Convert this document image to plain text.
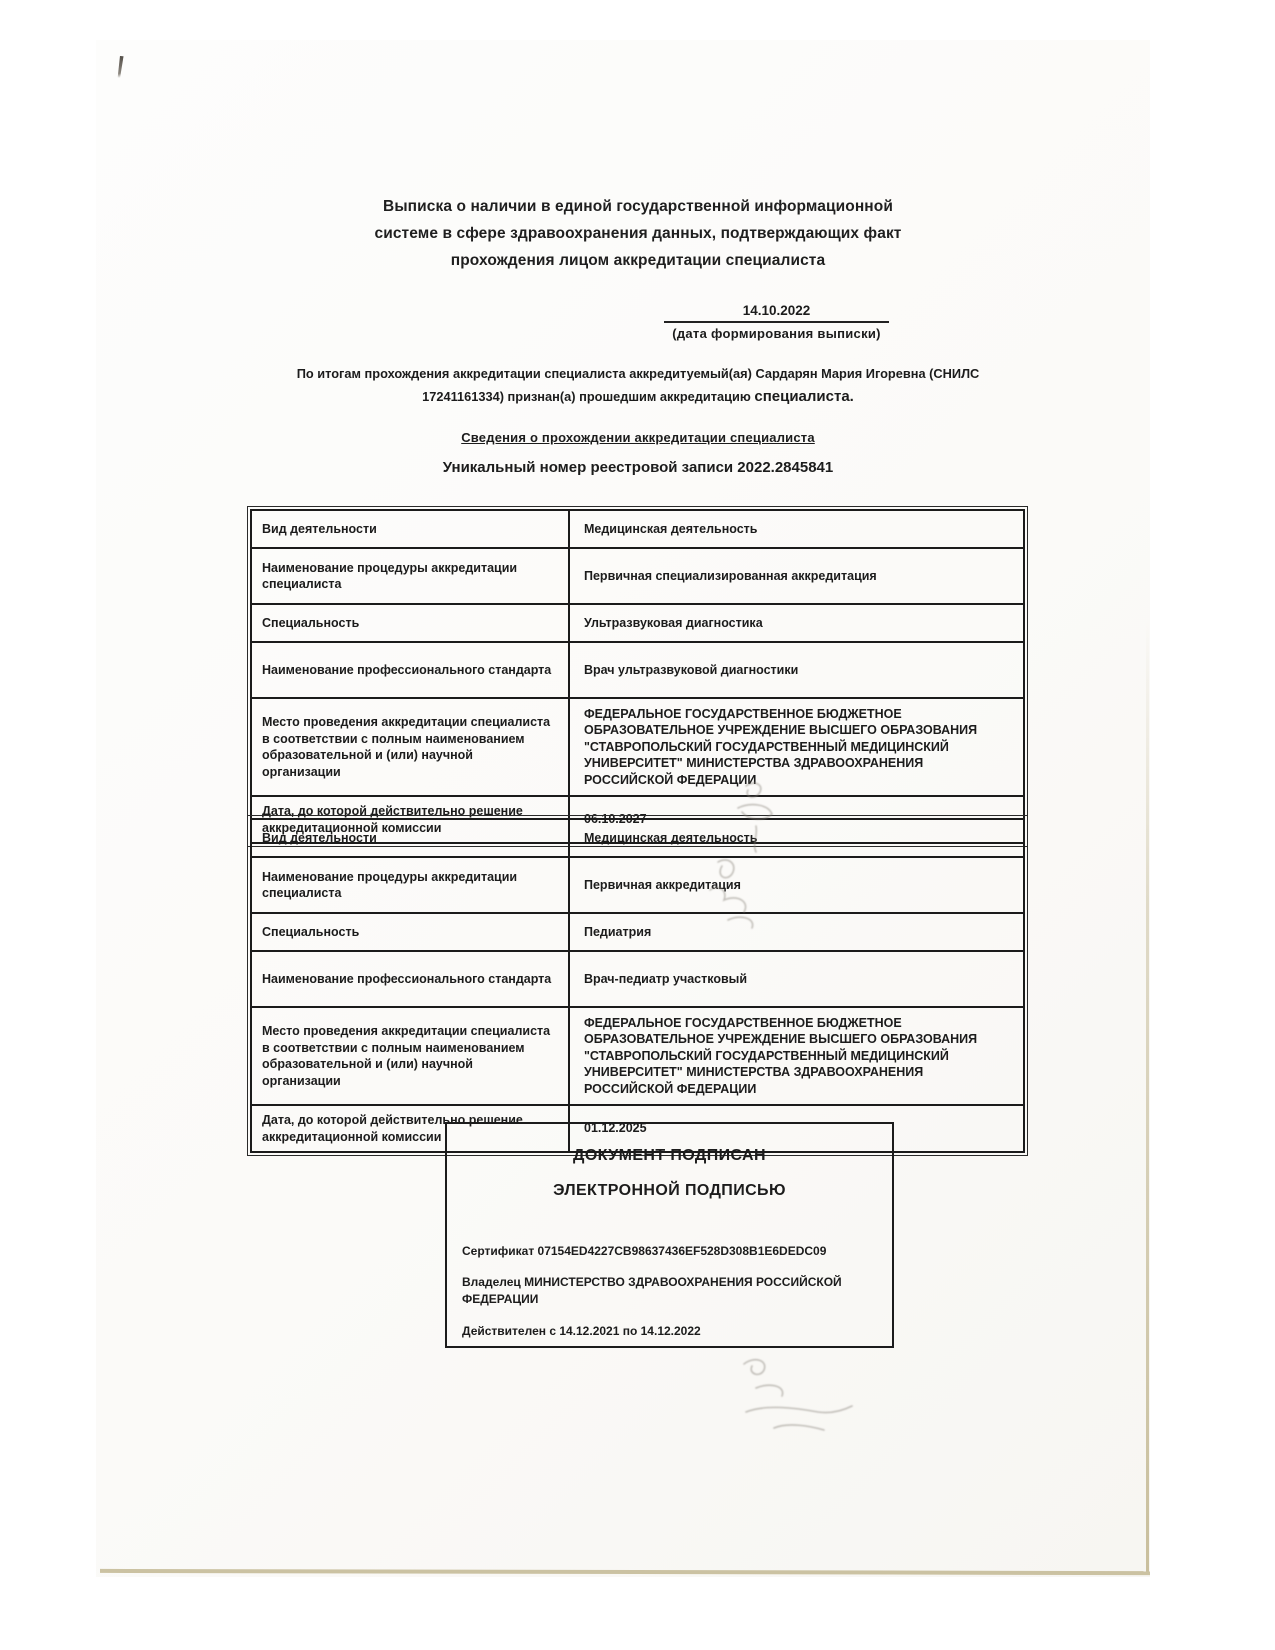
Выписка о наличии в единой государственной информационной
системе в сфере здравоохранения данных, подтверждающих факт
прохождения лицом аккредитации специалиста
14.10.2022
(дата формирования выписки)
По итогам прохождения аккредитации специалиста аккредитуемый(ая) Сардарян Мария Игоревна (СНИЛС
17241161334) признан(а) прошедшим аккредитацию специалиста.
Сведения о прохождении аккредитации специалиста
Уникальный номер реестровой записи 2022.2845841
Вид деятельности	Медицинская деятельность
Наименование процедуры аккредитации специалиста	Первичная специализированная аккредитация
Специальность	Ультразвуковая диагностика
Наименование профессионального стандарта	Врач ультразвуковой диагностики
Место проведения аккредитации специалиста в соответствии с полным наименованием образовательной и (или) научной организации	ФЕДЕРАЛЬНОЕ ГОСУДАРСТВЕННОЕ БЮДЖЕТНОЕ ОБРАЗОВАТЕЛЬНОЕ УЧРЕЖДЕНИЕ ВЫСШЕГО ОБРАЗОВАНИЯ "СТАВРОПОЛЬСКИЙ ГОСУДАРСТВЕННЫЙ МЕДИЦИНСКИЙ УНИВЕРСИТЕТ" МИНИСТЕРСТВА ЗДРАВООХРАНЕНИЯ РОССИЙСКОЙ ФЕДЕРАЦИИ
Дата, до которой действительно решение аккредитационной комиссии	06.10.2027
Вид деятельности	Медицинская деятельность
Наименование процедуры аккредитации специалиста	Первичная аккредитация
Специальность	Педиатрия
Наименование профессионального стандарта	Врач-педиатр участковый
Место проведения аккредитации специалиста в соответствии с полным наименованием образовательной и (или) научной организации	ФЕДЕРАЛЬНОЕ ГОСУДАРСТВЕННОЕ БЮДЖЕТНОЕ ОБРАЗОВАТЕЛЬНОЕ УЧРЕЖДЕНИЕ ВЫСШЕГО ОБРАЗОВАНИЯ "СТАВРОПОЛЬСКИЙ ГОСУДАРСТВЕННЫЙ МЕДИЦИНСКИЙ УНИВЕРСИТЕТ" МИНИСТЕРСТВА ЗДРАВООХРАНЕНИЯ РОССИЙСКОЙ ФЕДЕРАЦИИ
Дата, до которой действительно решение аккредитационной комиссии	01.12.2025
ДОКУМЕНТ ПОДПИСАН
ЭЛЕКТРОННОЙ ПОДПИСЬЮ
Сертификат 07154ED4227CB98637436EF528D308B1E6DEDC09
Владелец МИНИСТЕРСТВО ЗДРАВООХРАНЕНИЯ РОССИЙСКОЙ ФЕДЕРАЦИИ
Действителен с 14.12.2021 по 14.12.2022
